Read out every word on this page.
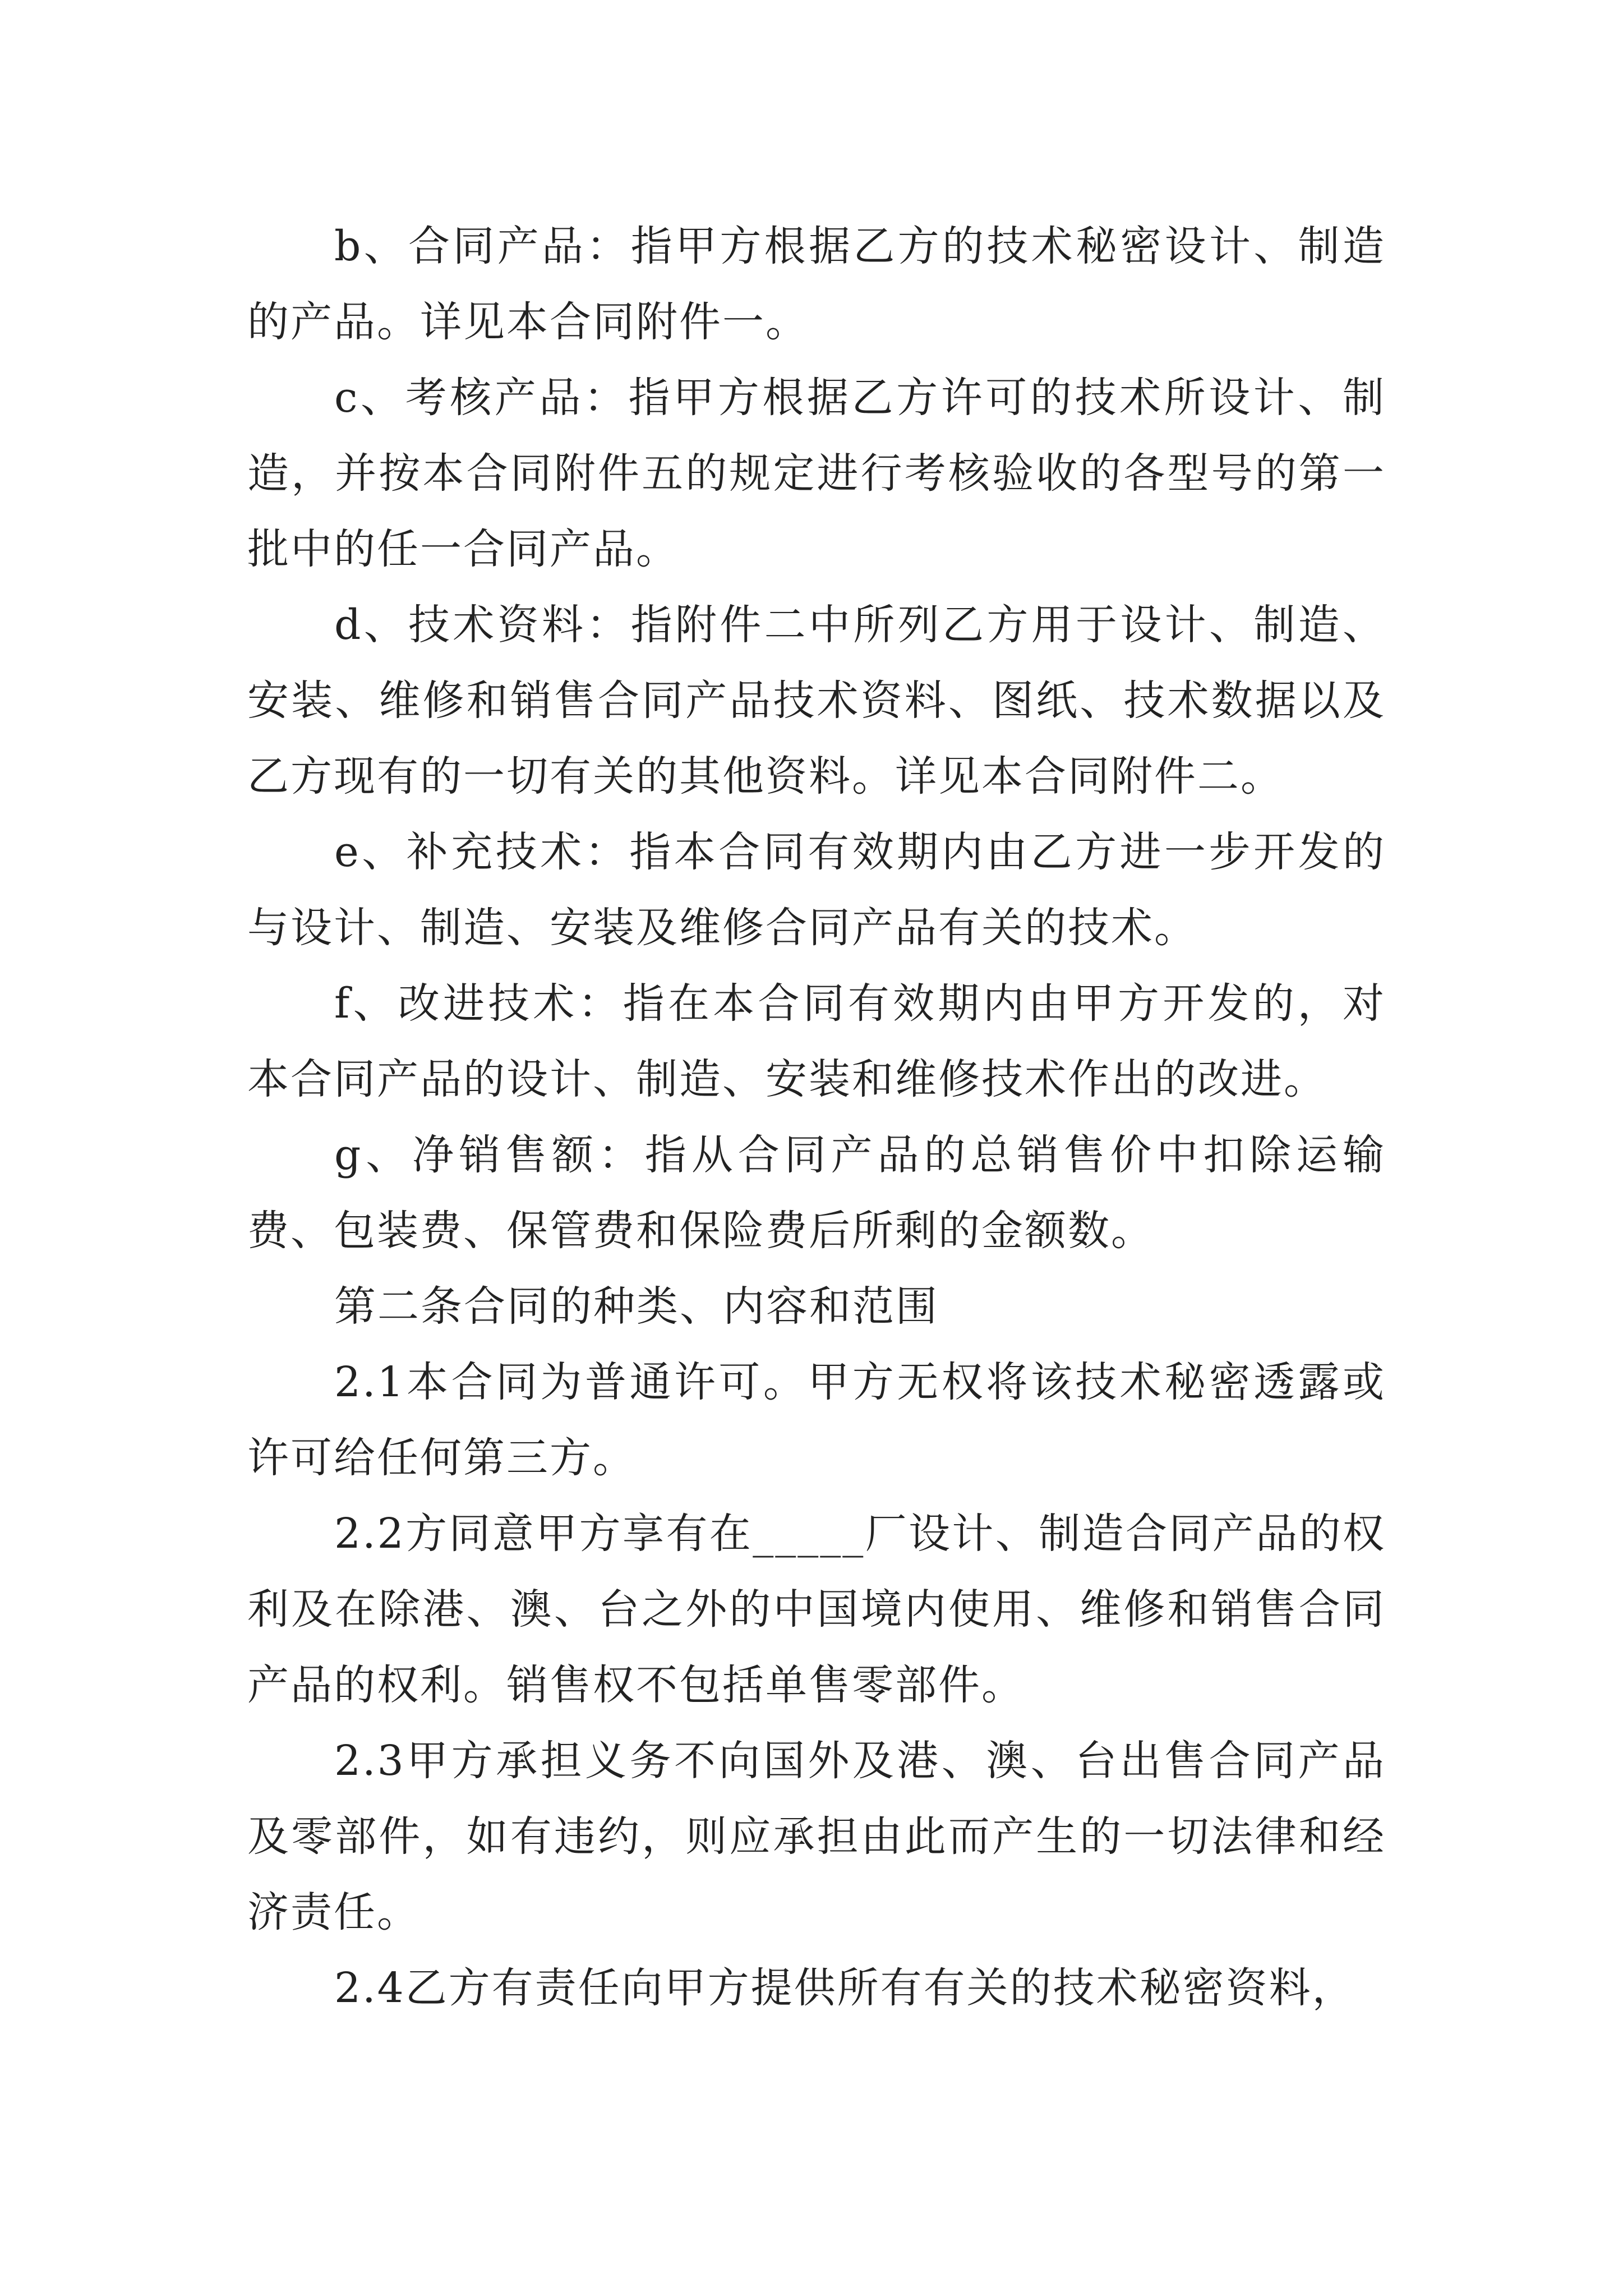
b、合同产品：指甲方根据乙方的技术秘密设计、制造的产品。详见本合同附件一。

c、考核产品：指甲方根据乙方许可的技术所设计、制造，并按本合同附件五的规定进行考核验收的各型号的第一批中的任一合同产品。

d、技术资料：指附件二中所列乙方用于设计、制造、安装、维修和销售合同产品技术资料、图纸、技术数据以及乙方现有的一切有关的其他资料。详见本合同附件二。

e、补充技术：指本合同有效期内由乙方进一步开发的与设计、制造、安装及维修合同产品有关的技术。

f、改进技术：指在本合同有效期内由甲方开发的，对本合同产品的设计、制造、安装和维修技术作出的改进。

g、净销售额：指从合同产品的总销售价中扣除运输费、包装费、保管费和保险费后所剩的金额数。

第二条合同的种类、内容和范围

2.1本合同为普通许可。甲方无权将该技术秘密透露或许可给任何第三方。

2.2方同意甲方享有在_____厂设计、制造合同产品的权利及在除港、澳、台之外的中国境内使用、维修和销售合同产品的权利。销售权不包括单售零部件。

2.3甲方承担义务不向国外及港、澳、台出售合同产品及零部件，如有违约，则应承担由此而产生的一切法律和经济责任。

2.4乙方有责任向甲方提供所有有关的技术秘密资料，
